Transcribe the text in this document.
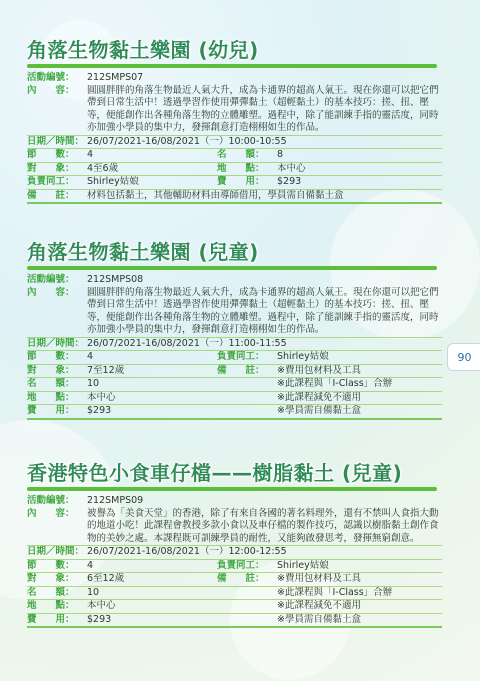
90
角落生物黏土樂園 (幼兒)
活動編號：	212SMPS07
內　　容：	圓圓胖胖的角落生物最近人氣大升，成為卡通界的超高人氣王。現在你還可以把它們帶到日常生活中！透過學習作使用彈彈黏土（超輕黏土）的基本技巧：搓、扭、壓等，便能創作出各種角落生物的立體雕塑。過程中，除了能訓練手指的靈活度，同時亦加強小學員的集中力，發揮創意打造栩栩如生的作品。
日期／時間： 26/07/2021-16/08/2021（一）10:00-10:55
節　　數：	4	名　　額：	8
對　　象：	4至6歲	地　　點：	本中心
負責同工：	Shirley姑娘	費　　用：	$293
備　　註：	材料包括黏土，其他輔助材料由導師借用，學員需自備黏土盒
角落生物黏土樂園 (兒童)
活動編號：	212SMPS08
內　　容：	圓圓胖胖的角落生物最近人氣大升，成為卡通界的超高人氣王。現在你還可以把它們帶到日常生活中！透過學習作使用彈彈黏土（超輕黏土）的基本技巧：搓、扭、壓等，便能創作出各種角落生物的立體雕塑。過程中，除了能訓練手指的靈活度，同時亦加強小學員的集中力，發揮創意打造栩栩如生的作品。
日期／時間： 26/07/2021-16/08/2021（一）11:00-11:55
節　　數：	4	負責同工：	Shirley姑娘
對　　象：	7至12歲	備　　註：	※費用包材料及工具
名　　額：	10	※此課程與「I-Class」合辦
地　　點：	本中心	※此課程減免不適用
費　　用：	$293	※學員需自備黏土盒
香港特色小食車仔檔——樹脂黏土 (兒童)
活動編號：	212SMPS09
內　　容：	被譽為「美食天堂」的香港，除了有來自各國的著名料理外，還有不禁叫人食指大動的地道小吃！此課程會教授多款小食以及車仔檔的製作技巧，認識以樹脂黏土創作食物的美妙之處。本課程既可訓練學員的耐性，又能夠啟發思考，發揮無窮創意。
日期／時間： 26/07/2021-16/08/2021（一）12:00-12:55
節　　數：	4	負責同工：	Shirley姑娘
對　　象：	6至12歲	備　　註：	※費用包材料及工具
名　　額：	10	※此課程與「I-Class」合辦
地　　點：	本中心	※此課程減免不適用
費　　用：	$293	※學員需自備黏土盒
